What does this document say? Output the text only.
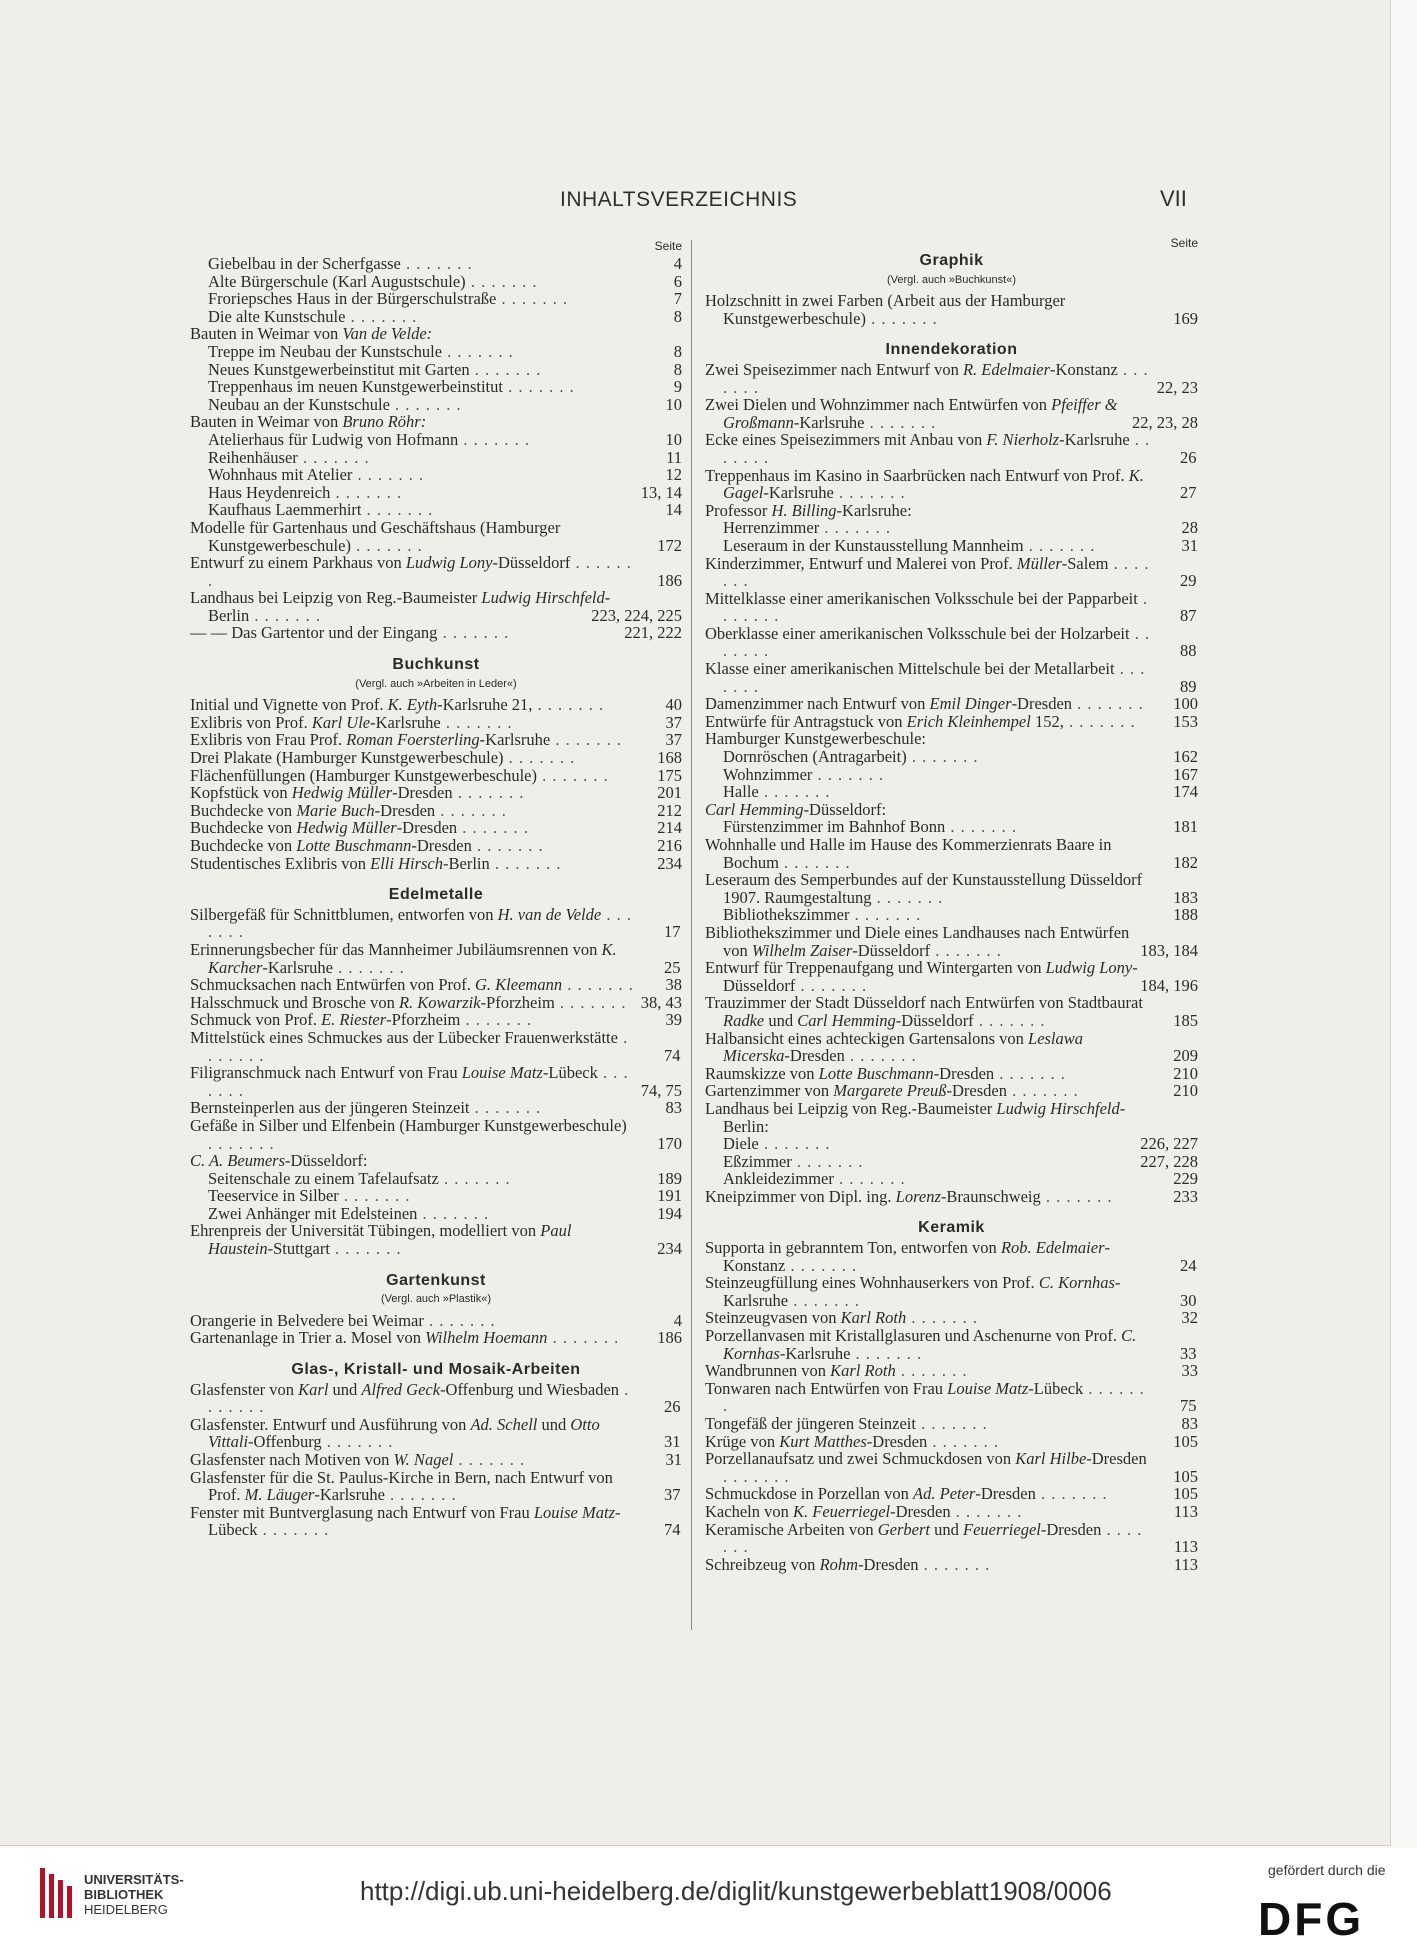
INHALTSVERZEICHNIS	VII
Seite
Giebelbau in der Scherfgasse . . . . . . .	4
Alte Bürgerschule (Karl Augustschule) . . . . . . .	6
Froriepsches Haus in der Bürgerschulstraße . . . . . . .	7
Die alte Kunstschule . . . . . . .	8
Bauten in Weimar von Van de Velde:
Treppe im Neubau der Kunstschule . . . . . . .	8
Neues Kunstgewerbeinstitut mit Garten . . . . . . .	8
Treppenhaus im neuen Kunstgewerbeinstitut . . . . . . .	9
Neubau an der Kunstschule . . . . . . .	10
Bauten in Weimar von Bruno Röhr:
Atelierhaus für Ludwig von Hofmann . . . . . . .	10
Reihenhäuser . . . . . . .	11
Wohnhaus mit Atelier . . . . . . .	12
Haus Heydenreich . . . . . . .	13, 14
Kaufhaus Laemmerhirt . . . . . . .	14
Modelle für Gartenhaus und Geschäftshaus (Hamburger Kunstgewerbeschule) . . . . . . .	172
Entwurf zu einem Parkhaus von Ludwig Lony-Düsseldorf . . . . . . .	186
Landhaus bei Leipzig von Reg.-Baumeister Ludwig Hirschfeld-Berlin . . . . . . .	223, 224, 225
— — Das Gartentor und der Eingang . . . . . . .	221, 222
Buchkunst
(Vergl. auch »Arbeiten in Leder«)
Initial und Vignette von Prof. K. Eyth-Karlsruhe 21, . . . . . . .	40
Exlibris von Prof. Karl Ule-Karlsruhe . . . . . . .	37
Exlibris von Frau Prof. Roman Foersterling-Karlsruhe . . . . . . .	37
Drei Plakate (Hamburger Kunstgewerbeschule) . . . . . . .	168
Flächenfüllungen (Hamburger Kunstgewerbeschule) . . . . . . .	175
Kopfstück von Hedwig Müller-Dresden . . . . . . .	201
Buchdecke von Marie Buch-Dresden . . . . . . .	212
Buchdecke von Hedwig Müller-Dresden . . . . . . .	214
Buchdecke von Lotte Buschmann-Dresden . . . . . . .	216
Studentisches Exlibris von Elli Hirsch-Berlin . . . . . . .	234
Edelmetalle
Silbergefäß für Schnittblumen, entworfen von H. van de Velde . . . . . . .	17
Erinnerungsbecher für das Mannheimer Jubiläumsrennen von K. Karcher-Karlsruhe . . . . . . .	25
Schmucksachen nach Entwürfen von Prof. G. Kleemann . . . . . . . 38
Halsschmuck und Brosche von R. Kowarzik-Pforzheim . . . . . . . 38, 43
Schmuck von Prof. E. Riester-Pforzheim . . . . . . .	39
Mittelstück eines Schmuckes aus der Lübecker Frauenwerkstätte . . . . . . .	74
Filigranschmuck nach Entwurf von Frau Louise Matz-Lübeck . . . . . . .	74, 75
Bernsteinperlen aus der jüngeren Steinzeit . . . . . . .	83
Gefäße in Silber und Elfenbein (Hamburger Kunstgewerbeschule) . . . . . . .	170
C. A. Beumers-Düsseldorf:
Seitenschale zu einem Tafelaufsatz . . . . . . .	189
Teeservice in Silber . . . . . . .	191
Zwei Anhänger mit Edelsteinen . . . . . . .	194
Ehrenpreis der Universität Tübingen, modelliert von Paul Haustein-Stuttgart . . . . . . .	234
Gartenkunst
(Vergl. auch »Plastik«)
Orangerie in Belvedere bei Weimar . . . . . . .	4
Gartenanlage in Trier a. Mosel von Wilhelm Hoemann . . . . . . . 186
Glas-, Kristall- und Mosaik-Arbeiten
Glasfenster von Karl und Alfred Geck-Offenburg und Wiesbaden . . . . . . .	26
Glasfenster. Entwurf und Ausführung von Ad. Schell und Otto Vittali-Offenburg . . . . . . .	31
Glasfenster nach Motiven von W. Nagel . . . . . . .	31
Glasfenster für die St. Paulus-Kirche in Bern, nach Entwurf von Prof. M. Läuger-Karlsruhe . . . . . . .	37
Fenster mit Buntverglasung nach Entwurf von Frau Louise Matz-Lübeck . . . . . . .	74
Seite
Graphik
(Vergl. auch »Buchkunst«)
Holzschnitt in zwei Farben (Arbeit aus der Hamburger Kunstgewerbeschule) . . . . . . .	169
Innendekoration
Zwei Speisezimmer nach Entwurf von R. Edelmaier-Konstanz . . . . . . .	22, 23
Zwei Dielen und Wohnzimmer nach Entwürfen von Pfeiffer & Großmann-Karlsruhe . . . . . . .	22, 23, 28
Ecke eines Speisezimmers mit Anbau von F. Nierholz-Karlsruhe . . . . . . .	26
Treppenhaus im Kasino in Saarbrücken nach Entwurf von Prof. K. Gagel-Karlsruhe . . . . . . .	27
Professor H. Billing-Karlsruhe:
Herrenzimmer . . . . . . .	28
Leseraum in der Kunstausstellung Mannheim . . . . . . .	31
Kinderzimmer, Entwurf und Malerei von Prof. Müller-Salem . . . . . . .	29
Mittelklasse einer amerikanischen Volksschule bei der Papparbeit . . . . . . .	87
Oberklasse einer amerikanischen Volksschule bei der Holzarbeit . . . . . . .	88
Klasse einer amerikanischen Mittelschule bei der Metallarbeit . . . . . . .	89
Damenzimmer nach Entwurf von Emil Dinger-Dresden . . . . . . . 100
Entwürfe für Antragstuck von Erich Kleinhempel 152, . . . . . . . 153
Hamburger Kunstgewerbeschule:
Dornröschen (Antragarbeit) . . . . . . .	162
Wohnzimmer . . . . . . .	167
Halle . . . . . . .	174
Carl Hemming-Düsseldorf:
Fürstenzimmer im Bahnhof Bonn . . . . . . .	181
Wohnhalle und Halle im Hause des Kommerzienrats Baare in Bochum . . . . . . .	182
Leseraum des Semperbundes auf der Kunstausstellung Düsseldorf 1907. Raumgestaltung . . . . . . .	183
Bibliothekszimmer . . . . . . .	188
Bibliothekszimmer und Diele eines Landhauses nach Entwürfen von Wilhelm Zaiser-Düsseldorf . . . . . . .	183, 184
Entwurf für Treppenaufgang und Wintergarten von Ludwig Lony-Düsseldorf . . . . . . .	184, 196
Trauzimmer der Stadt Düsseldorf nach Entwürfen von Stadtbaurat Radke und Carl Hemming-Düsseldorf . . . . . . .	185
Halbansicht eines achteckigen Gartensalons von Leslawa Micerska-Dresden . . . . . . .	209
Raumskizze von Lotte Buschmann-Dresden . . . . . . .	210
Gartenzimmer von Margarete Preuß-Dresden . . . . . . .	210
Landhaus bei Leipzig von Reg.-Baumeister Ludwig Hirschfeld-Berlin:
Diele . . . . . . .	226, 227
Eßzimmer . . . . . . .	227, 228
Ankleidezimmer . . . . . . .	229
Kneipzimmer von Dipl. ing. Lorenz-Braunschweig . . . . . . .	233
Keramik
Supporta in gebranntem Ton, entworfen von Rob. Edelmaier-Konstanz . . . . . . .	24
Steinzeugfüllung eines Wohnhauserkers von Prof. C. Kornhas-Karlsruhe . . . . . . .	30
Steinzeugvasen von Karl Roth . . . . . . .	32
Porzellanvasen mit Kristallglasuren und Aschenurne von Prof. C. Kornhas-Karlsruhe . . . . . . .	33
Wandbrunnen von Karl Roth . . . . . . .	33
Tonwaren nach Entwürfen von Frau Louise Matz-Lübeck . . . . . . .	75
Tongefäß der jüngeren Steinzeit . . . . . . .	83
Krüge von Kurt Matthes-Dresden . . . . . . .	105
Porzellanaufsatz und zwei Schmuckdosen von Karl Hilbe-Dresden . . . . . . .	105
Schmuckdose in Porzellan von Ad. Peter-Dresden . . . . . . .	105
Kacheln von K. Feuerriegel-Dresden . . . . . . .	113
Keramische Arbeiten von Gerbert und Feuerriegel-Dresden . . . . . . .	113
Schreibzeug von Rohm-Dresden . . . . . . .	113
UNIVERSITÄTS-
BIBLIOTHEK
HEIDELBERG
http://digi.ub.uni-heidelberg.de/diglit/kunstgewerbeblatt1908/0006
gefördert durch die
DFG
